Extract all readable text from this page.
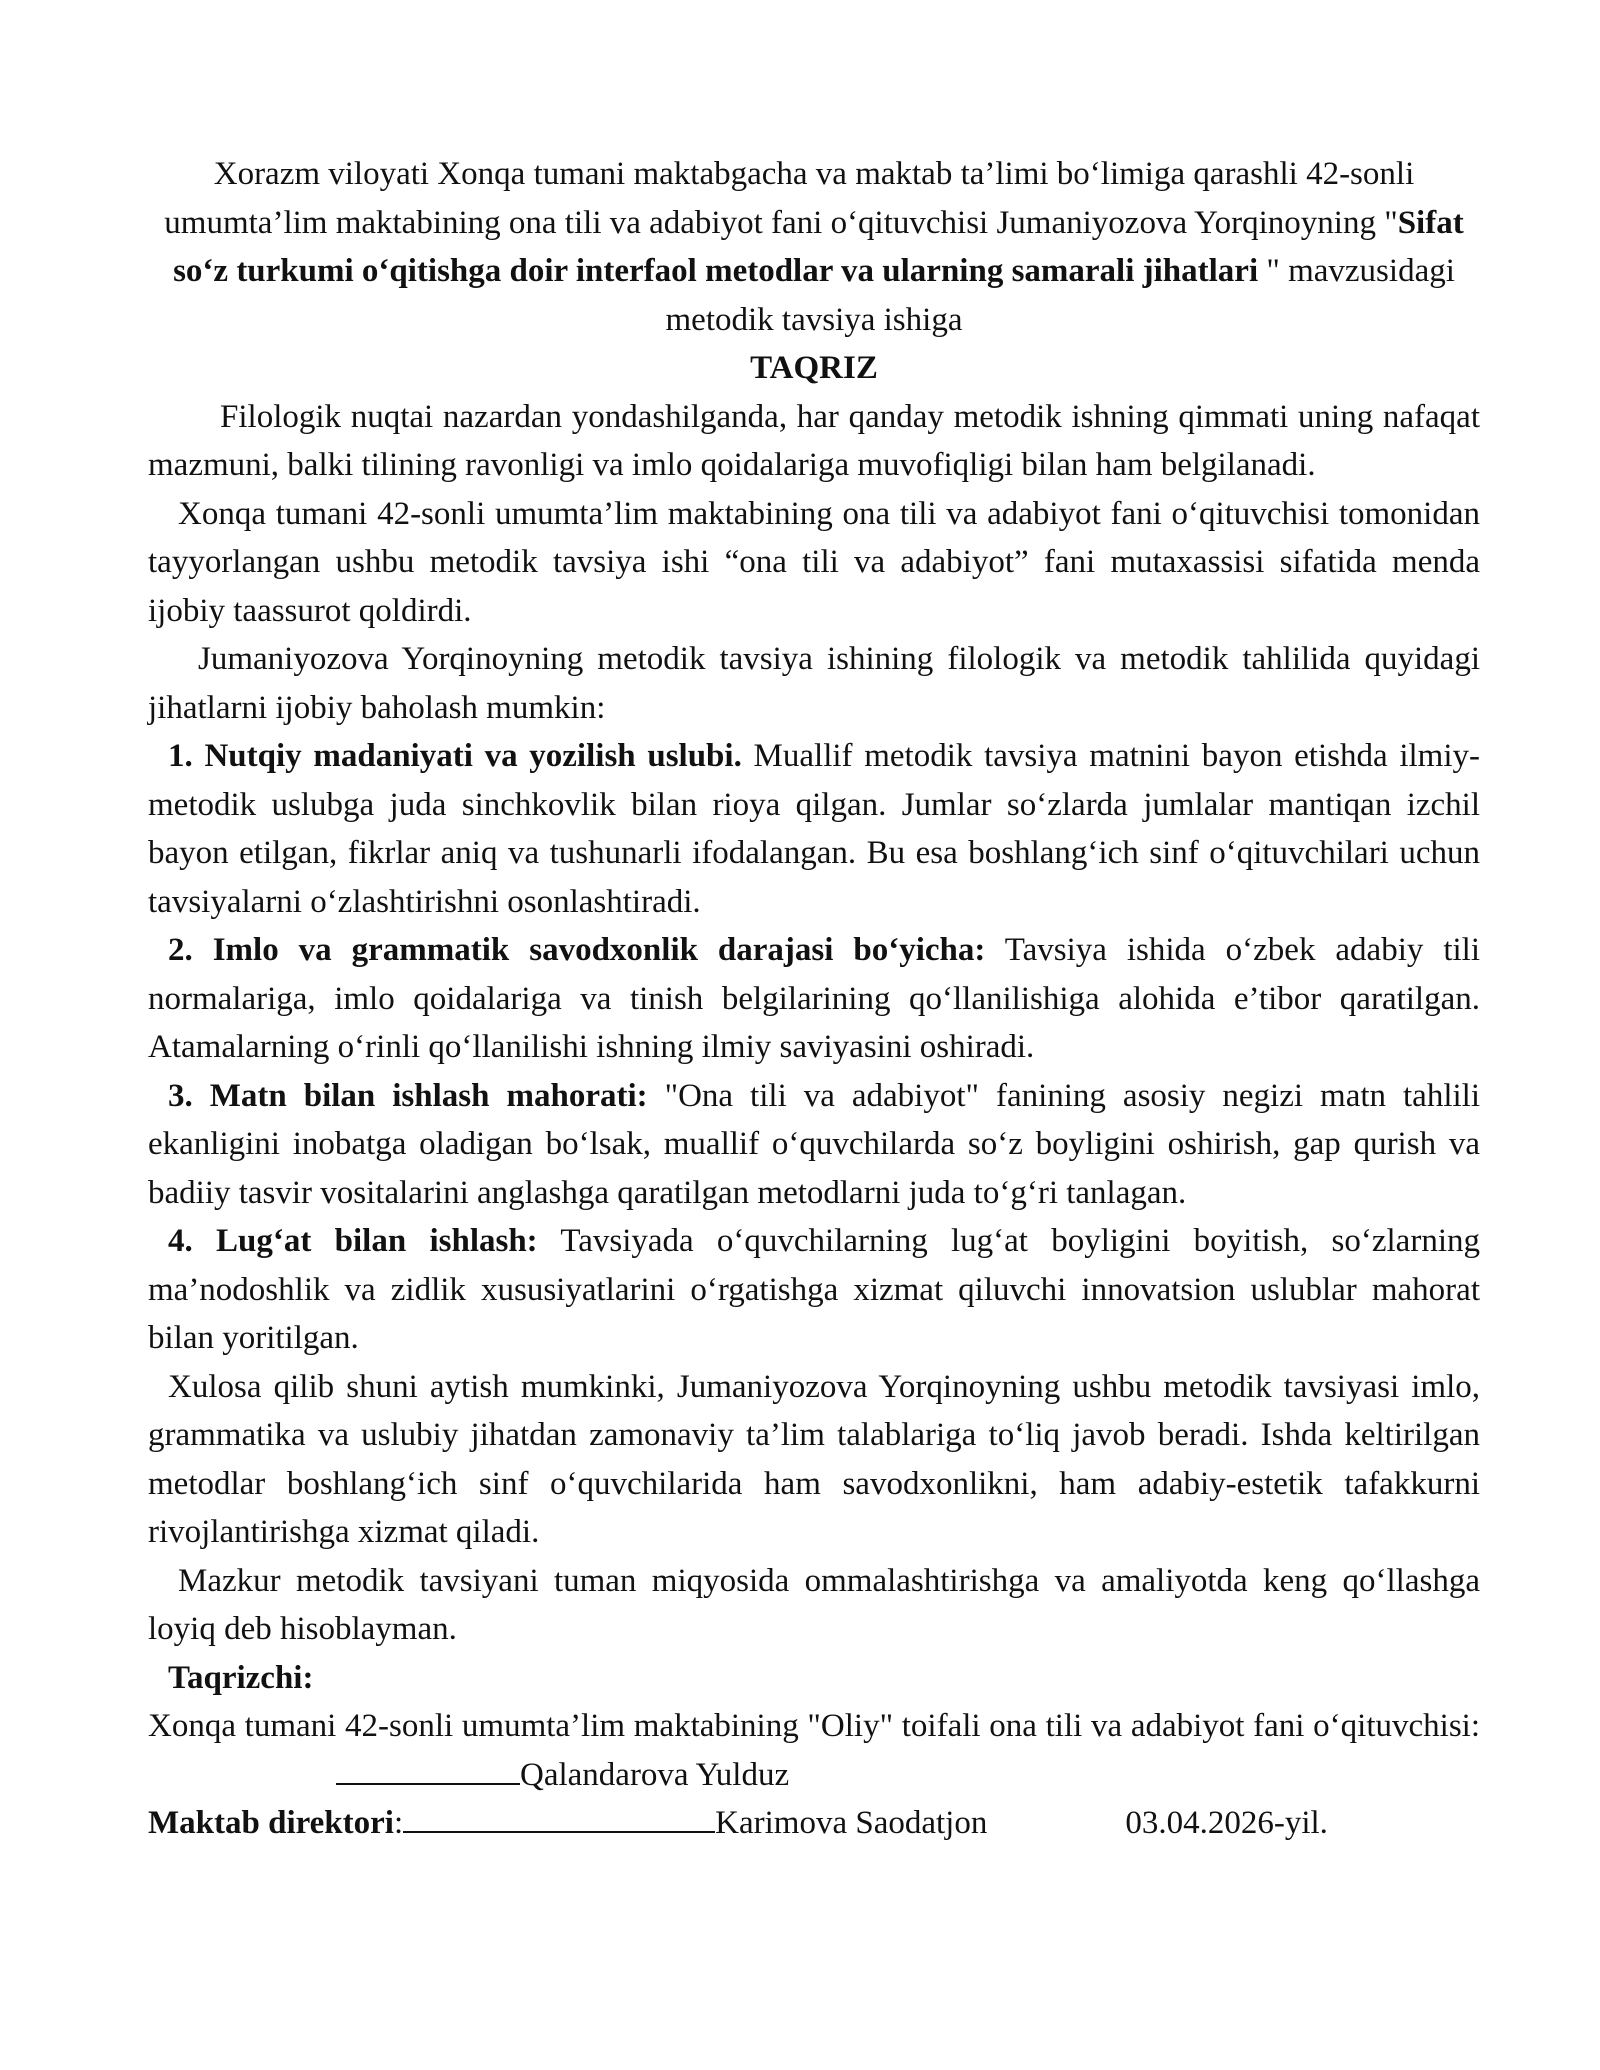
Xorazm viloyati Xonqa tumani maktabgacha va maktab ta’limi bo‘limiga qarashli 42-sonli umumta’lim maktabining ona tili va adabiyot fani o‘qituvchisi Jumaniyozova Yorqinoyning "Sifat so‘z turkumi o‘qitishga doir interfaol metodlar va ularning samarali jihatlari " mavzusidagi metodik tavsiya ishiga

TAQRIZ

Filologik nuqtai nazardan yondashilganda, har qanday metodik ishning qimmati uning nafaqat mazmuni, balki tilining ravonligi va imlo qoidalariga muvofiqligi bilan ham belgilanadi.

Xonqa tumani 42-sonli umumta’lim maktabining ona tili va adabiyot fani o‘qituvchisi tomonidan tayyorlangan ushbu metodik tavsiya ishi “ona tili va adabiyot” fani mutaxassisi sifatida menda ijobiy taassurot qoldirdi.

Jumaniyozova Yorqinoyning metodik tavsiya ishining filologik va metodik tahlilida quyidagi jihatlarni ijobiy baholash mumkin:

1. Nutqiy madaniyati va yozilish uslubi. Muallif metodik tavsiya matnini bayon etishda ilmiy-metodik uslubga juda sinchkovlik bilan rioya qilgan. Jumlar so‘zlarda jumlalar mantiqan izchil bayon etilgan, fikrlar aniq va tushunarli ifodalangan. Bu esa boshlang‘ich sinf o‘qituvchilari uchun tavsiyalarni o‘zlashtirishni osonlashtiradi.

2. Imlo va grammatik savodxonlik darajasi bo‘yicha: Tavsiya ishida o‘zbek adabiy tili normalariga, imlo qoidalariga va tinish belgilarining qo‘llanilishiga alohida e’tibor qaratilgan. Atamalarning o‘rinli qo‘llanilishi ishning ilmiy saviyasini oshiradi.

3. Matn bilan ishlash mahorati: "Ona tili va adabiyot" fanining asosiy negizi matn tahlili ekanligini inobatga oladigan bo‘lsak, muallif o‘quvchilarda so‘z boyligini oshirish, gap qurish va badiiy tasvir vositalarini anglashga qaratilgan metodlarni juda to‘g‘ri tanlagan.

4. Lug‘at bilan ishlash: Tavsiyada o‘quvchilarning lug‘at boyligini boyitish, so‘zlarning ma’nodoshlik va zidlik xususiyatlarini o‘rgatishga xizmat qiluvchi innovatsion uslublar mahorat bilan yoritilgan.

Xulosa qilib shuni aytish mumkinki, Jumaniyozova Yorqinoyning ushbu metodik tavsiyasi imlo, grammatika va uslubiy jihatdan zamonaviy ta’lim talablariga to‘liq javob beradi. Ishda keltirilgan metodlar boshlang‘ich sinf o‘quvchilarida ham savodxonlikni, ham adabiy-estetik tafakkurni rivojlantirishga xizmat qiladi.

Mazkur metodik tavsiyani tuman miqyosida ommalashtirishga va amaliyotda keng qo‘llashga loyiq deb hisoblayman.

Taqrizchi:

Xonqa tumani 42-sonli umumta’lim maktabining "Oliy" toifali ona tili va adabiyot fani o‘qituvchisi:Qalandarova Yulduz

Maktab direktori:	Karimova Saodatjon	03.04.2026-yil.
